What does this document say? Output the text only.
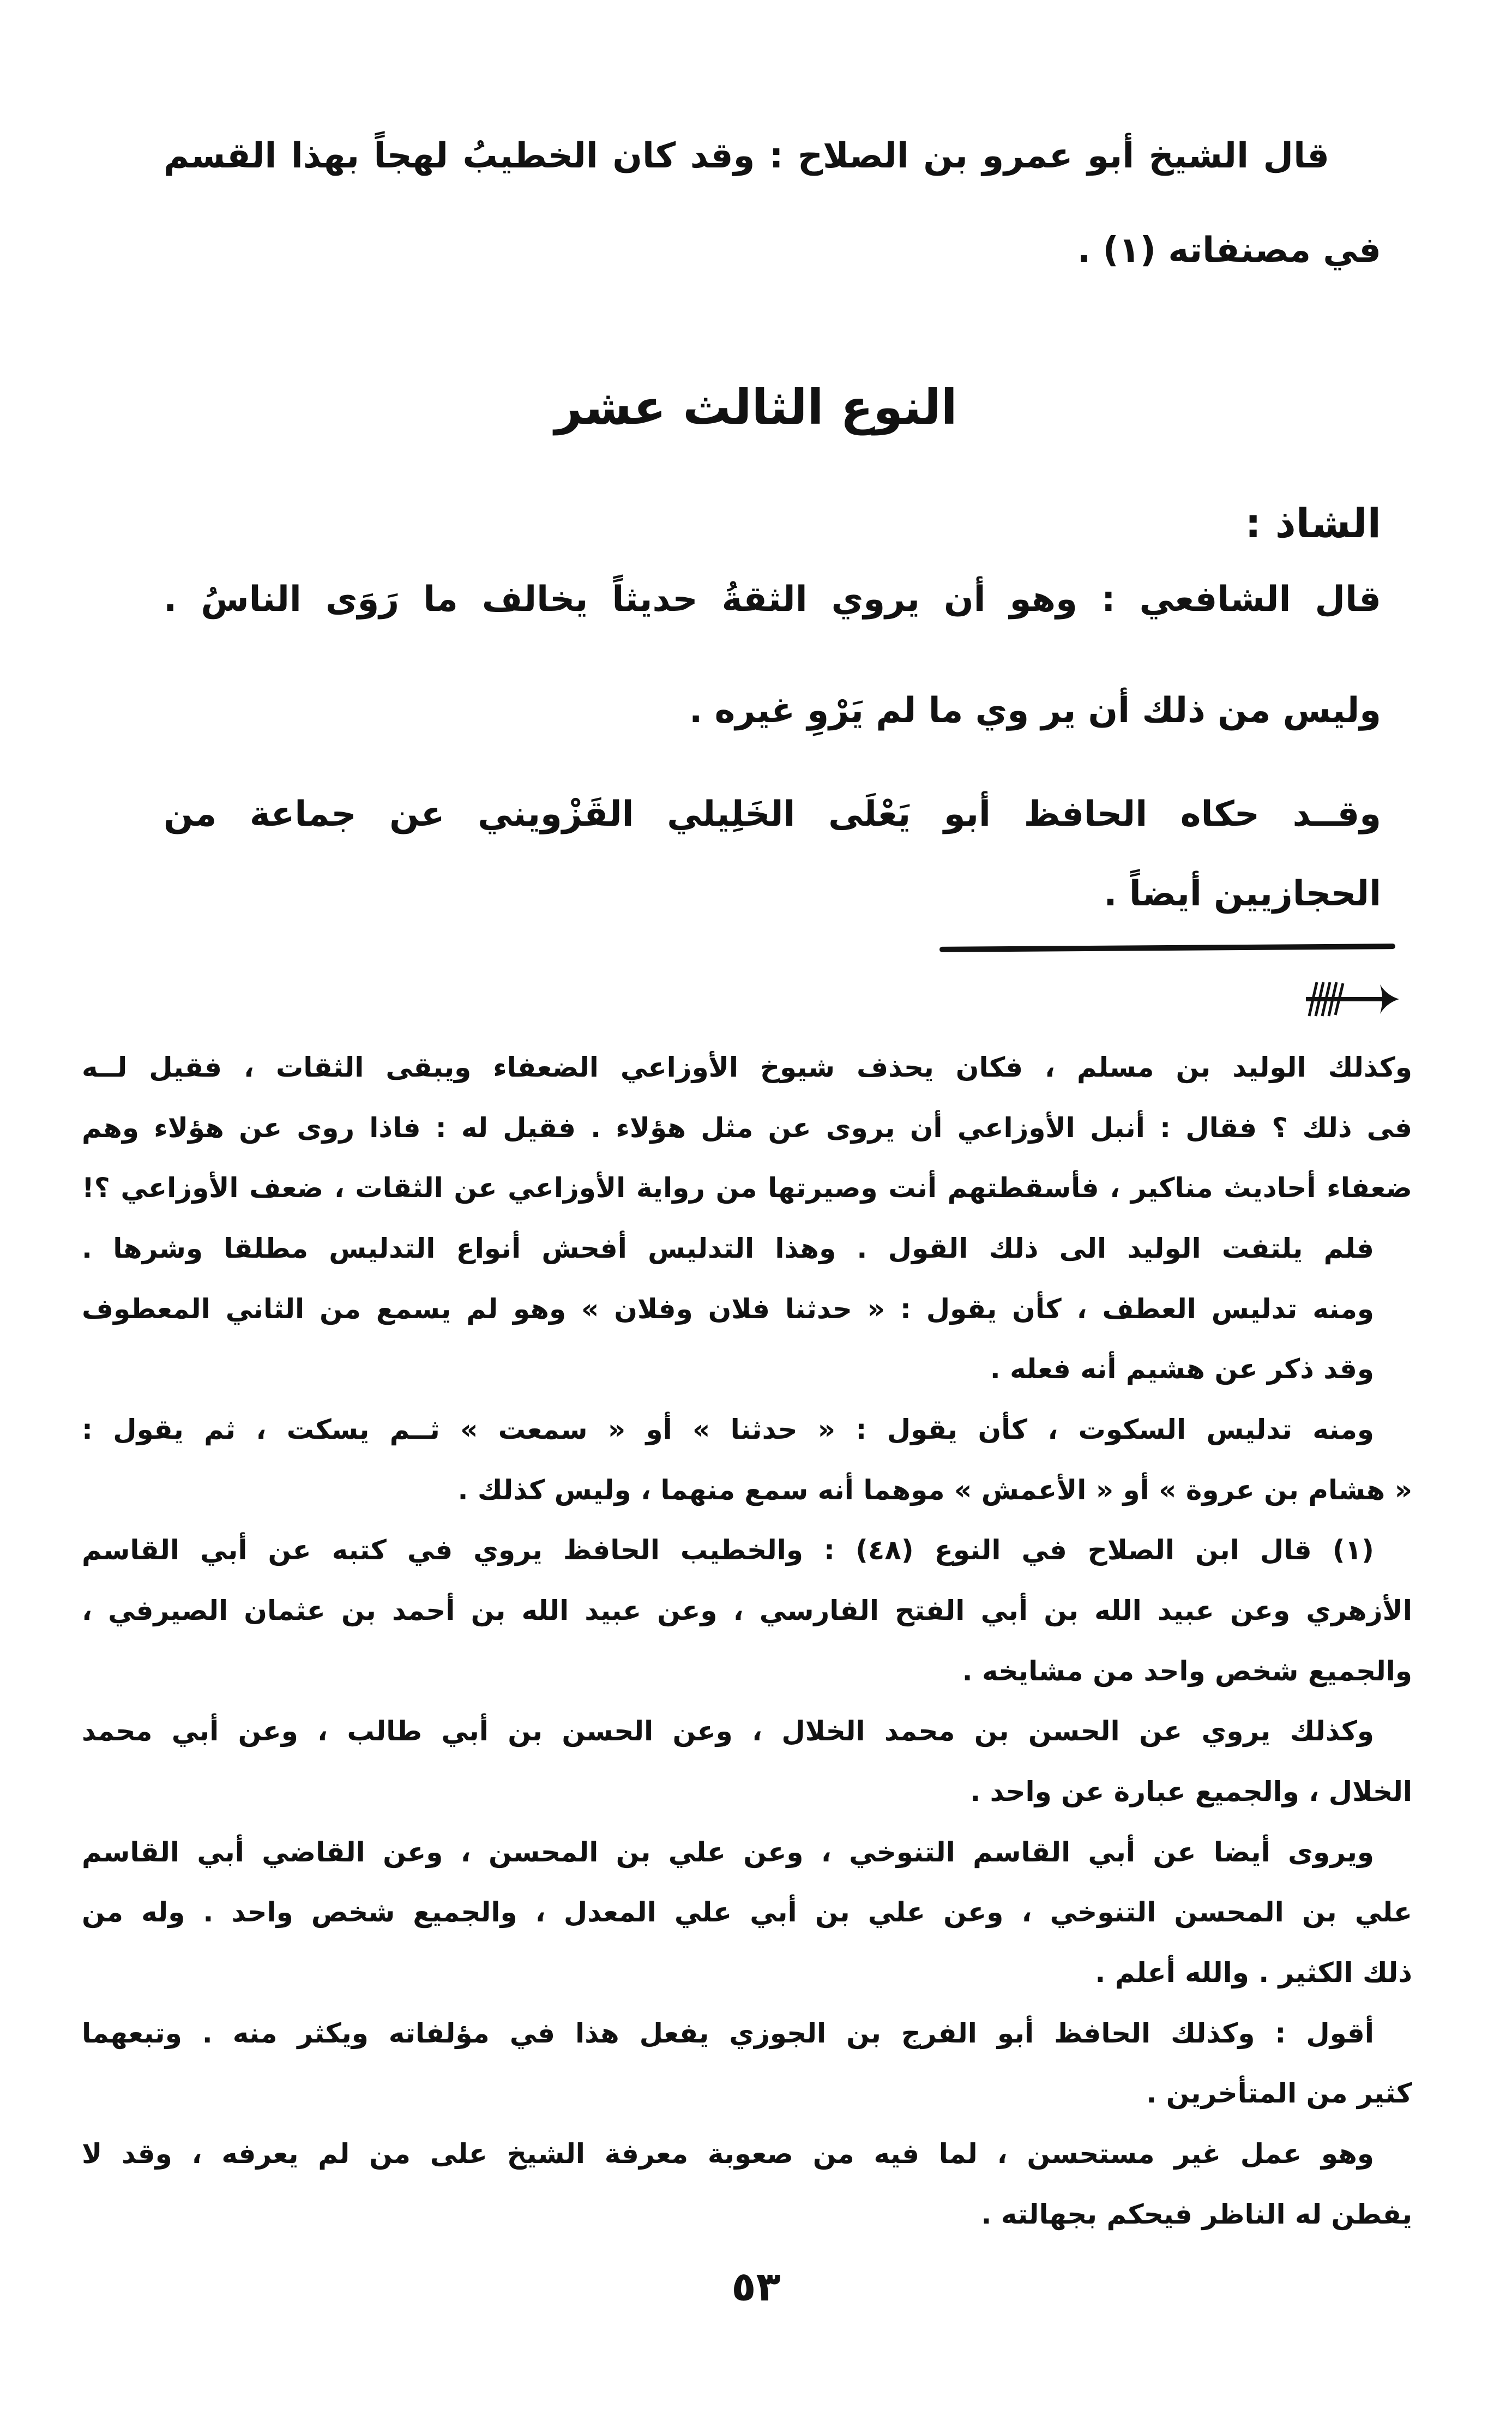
قال الشيخ أبو عمرو بن الصلاح : وقد كان الخطيبُ لهجاً بهذا القسم
في مصنفاته (١) .
النوع الثالث عشر
الشاذ :
قال الشافعي : وهو أن يروي الثقةُ حديثاً يخالف ما رَوَى الناسُ .
وليس من ذلك أن ير وي ما لم يَرْوِ غيره .
وقــد حكاه الحافظ أبو يَعْلَى الخَلِيلي القَزْويني عن جماعة من
الحجازيين أيضاً .
وكذلك الوليد بن مسلم ، فكان يحذف شيوخ الأوزاعي الضعفاء ويبقى الثقات ، فقيل لــه
فى ذلك ؟ فقال : أنبل الأوزاعي أن يروى عن مثل هؤلاء . فقيل له : فاذا روى عن هؤلاء وهم
ضعفاء أحاديث مناكير ، فأسقطتهم أنت وصيرتها من رواية الأوزاعي عن الثقات ، ضعف الأوزاعي ؟!
فلم يلتفت الوليد الى ذلك القول . وهذا التدليس أفحش أنواع التدليس مطلقا وشرها .
ومنه تدليس العطف ، كأن يقول : « حدثنا فلان وفلان » وهو لم يسمع من الثاني المعطوف
وقد ذكر عن هشيم أنه فعله .
ومنه تدليس السكوت ، كأن يقول : « حدثنا » أو « سمعت » ثــم يسكت ، ثم يقول :
« هشام بن عروة » أو « الأعمش » موهما أنه سمع منهما ، وليس كذلك .
(١) قال ابن الصلاح في النوع (٤٨) : والخطيب الحافظ يروي في كتبه عن أبي القاسم
الأزهري وعن عبيد الله بن أبي الفتح الفارسي ، وعن عبيد الله بن أحمد بن عثمان الصيرفي ،
والجميع شخص واحد من مشايخه .
وكذلك يروي عن الحسن بن محمد الخلال ، وعن الحسن بن أبي طالب ، وعن أبي محمد
الخلال ، والجميع عبارة عن واحد .
ويروى أيضا عن أبي القاسم التنوخي ، وعن علي بن المحسن ، وعن القاضي أبي القاسم
علي بن المحسن التنوخي ، وعن علي بن أبي علي المعدل ، والجميع شخص واحد . وله من
ذلك الكثير . والله أعلم .
أقول : وكذلك الحافظ أبو الفرج بن الجوزي يفعل هذا في مؤلفاته ويكثر منه . وتبعهما
كثير من المتأخرين .
وهو عمل غير مستحسن ، لما فيه من صعوبة معرفة الشيخ على من لم يعرفه ، وقد لا
يفطن له الناظر فيحكم بجهالته .
٥٣
